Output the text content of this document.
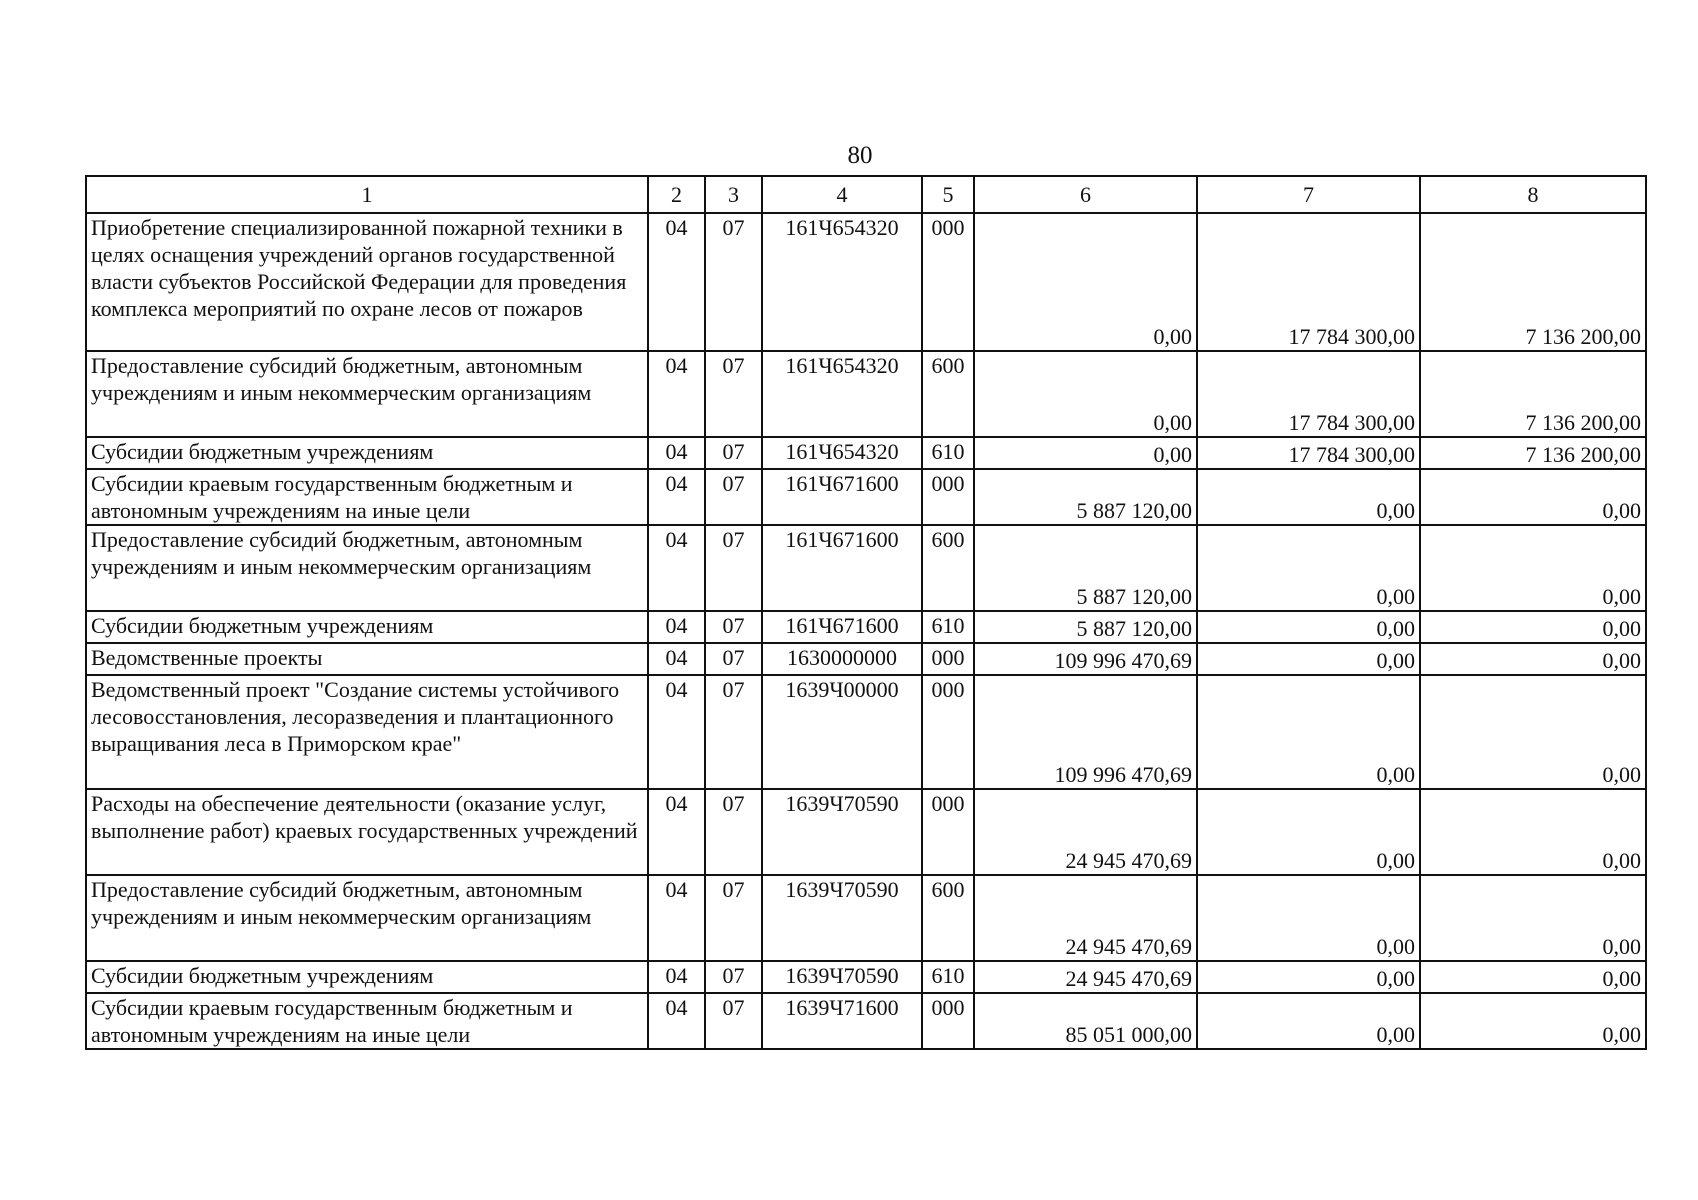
80
1	2	3	4	5	6	7	8
Приобретение специализированной пожарной техники в целях оснащения учреждений органов государственной власти субъектов Российской Федерации для проведения комплекса мероприятий по охране лесов от пожаров	04	07	161Ч654320	000	0,00	17 784 300,00	7 136 200,00
Предоставление субсидий бюджетным, автономным учреждениям и иным некоммерческим организациям	04	07	161Ч654320	600	0,00	17 784 300,00	7 136 200,00
Субсидии бюджетным учреждениям	04	07	161Ч654320	610	0,00	17 784 300,00	7 136 200,00
Субсидии краевым государственным бюджетным и автономным учреждениям на иные цели	04	07	161Ч671600	000	5 887 120,00	0,00	0,00
Предоставление субсидий бюджетным, автономным учреждениям и иным некоммерческим организациям	04	07	161Ч671600	600	5 887 120,00	0,00	0,00
Субсидии бюджетным учреждениям	04	07	161Ч671600	610	5 887 120,00	0,00	0,00
Ведомственные проекты	04	07	1630000000	000	109 996 470,69	0,00	0,00
Ведомственный проект "Создание системы устойчивого лесовосстановления, лесоразведения и плантационного выращивания леса в Приморском крае"	04	07	1639Ч00000	000	109 996 470,69	0,00	0,00
Расходы на обеспечение деятельности (оказание услуг, выполнение работ) краевых государственных учреждений	04	07	1639Ч70590	000	24 945 470,69	0,00	0,00
Предоставление субсидий бюджетным, автономным учреждениям и иным некоммерческим организациям	04	07	1639Ч70590	600	24 945 470,69	0,00	0,00
Субсидии бюджетным учреждениям	04	07	1639Ч70590	610	24 945 470,69	0,00	0,00
Субсидии краевым государственным бюджетным и автономным учреждениям на иные цели	04	07	1639Ч71600	000	85 051 000,00	0,00	0,00
